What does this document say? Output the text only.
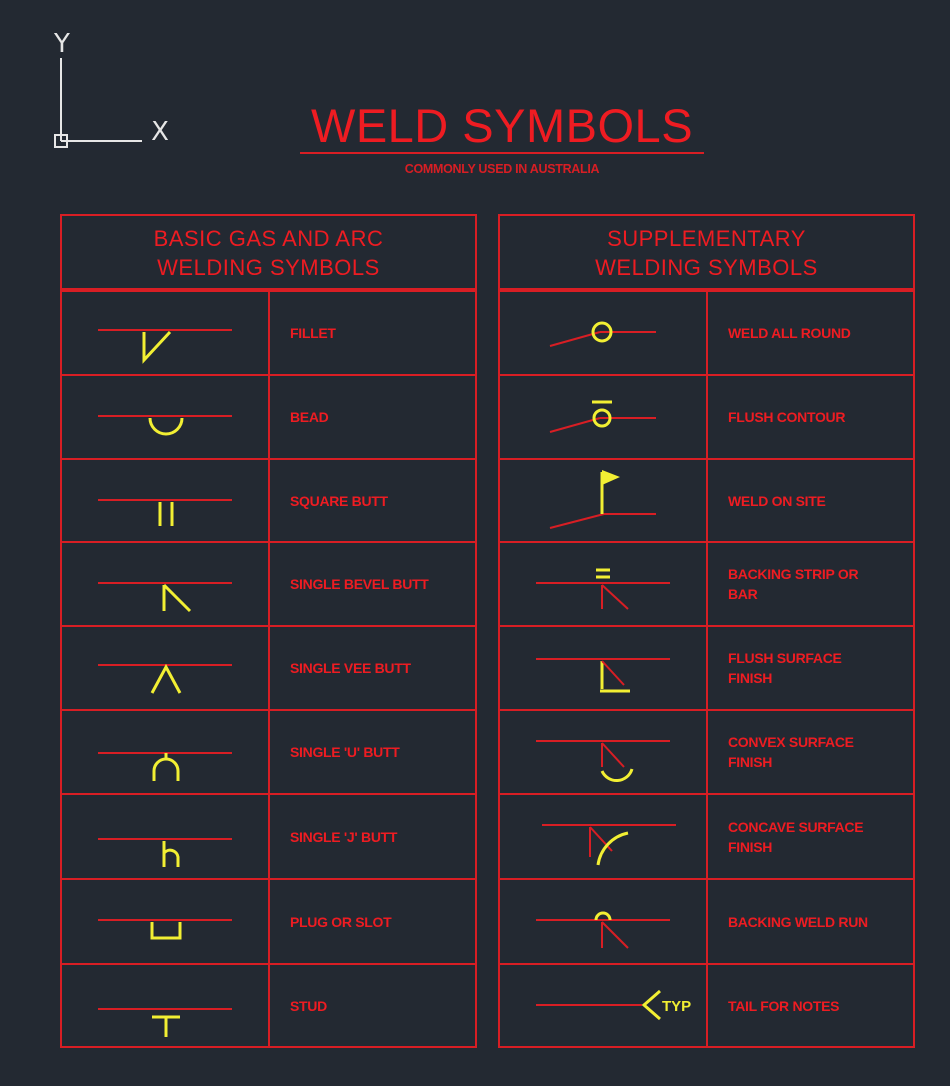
Y
X	WELD SYMBOLS
COMMONLY USED IN AUSTRALIA
BASIC GAS AND ARC
WELDING SYMBOLS
FILLET
BEAD
SQUARE BUTT
SINGLE BEVEL BUTT
SINGLE VEE BUTT
SINGLE 'U' BUTT
SINGLE 'J' BUTT
PLUG OR SLOT
STUD
SUPPLEMENTARY
WELDING SYMBOLS
WELD ALL ROUND
FLUSH CONTOUR
WELD ON SITE
BACKING STRIP OR
BAR
FLUSH SURFACE
FINISH
CONVEX SURFACE
FINISH
CONCAVE SURFACE
FINISH
BACKING WELD RUN
TYP	TAIL FOR NOTES
